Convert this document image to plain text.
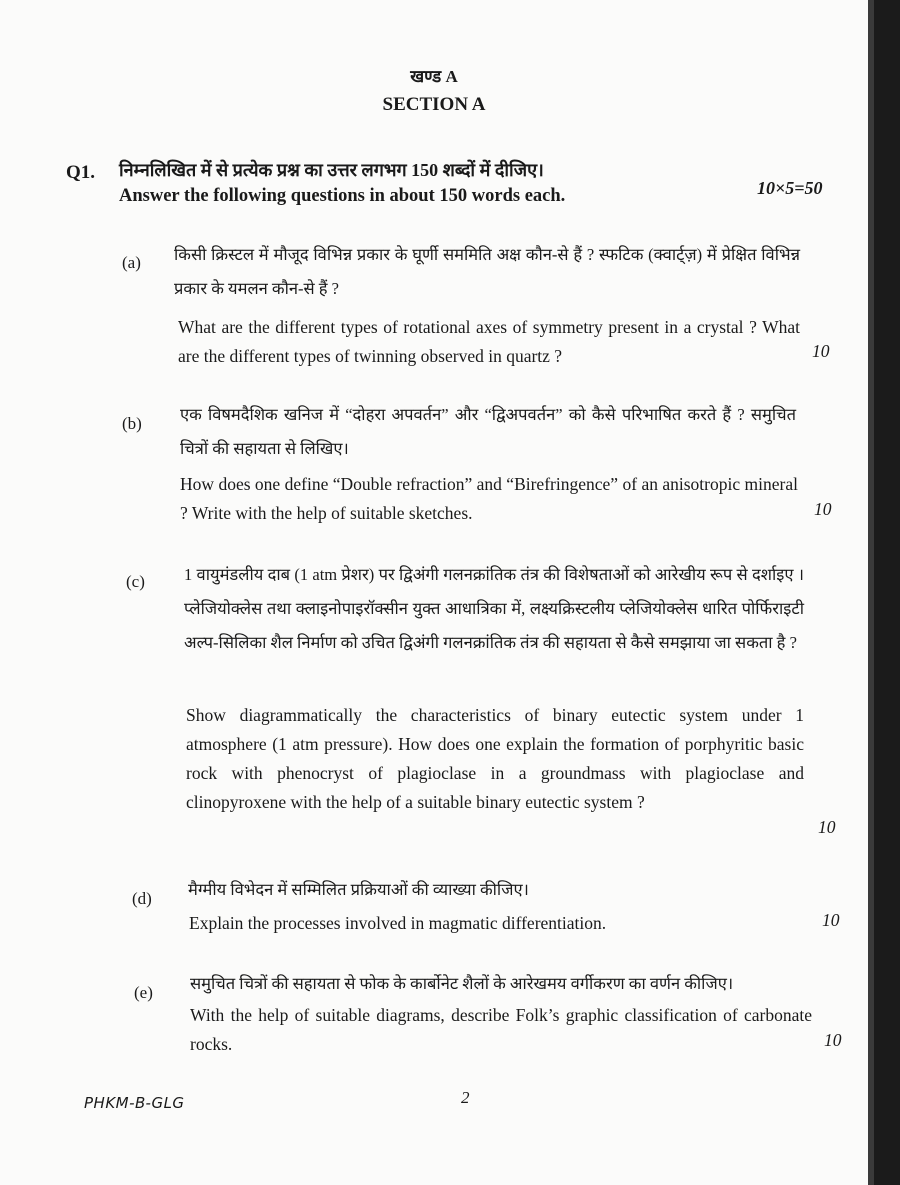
खण्ड A
SECTION A
Q1. निम्नलिखित में से प्रत्येक प्रश्न का उत्तर लगभग 150 शब्दों में दीजिए।
Answer the following questions in about 150 words each.	10×5=50
(a) किसी क्रिस्टल में मौजूद विभिन्न प्रकार के घूर्णी सममिति अक्ष कौन-से हैं ? स्फटिक (क्वार्ट्ज़) में प्रेक्षित विभिन्न प्रकार के यमलन कौन-से हैं ?
What are the different types of rotational axes of symmetry present in a crystal ? What are the different types of twinning observed in quartz ?	10
(b) एक विषमदैशिक खनिज में “दोहरा अपवर्तन” और “द्विअपवर्तन” को कैसे परिभाषित करते हैं ? समुचित चित्रों की सहायता से लिखिए।
How does one define “Double refraction” and “Birefringence” of an anisotropic mineral ? Write with the help of suitable sketches.	10
(c) 1 वायुमंडलीय दाब (1 atm प्रेशर) पर द्विअंगी गलनक्रांतिक तंत्र की विशेषताओं को आरेखीय रूप से दर्शाइए । प्लेजियोक्लेस तथा क्लाइनोपाइरॉक्सीन युक्त आधात्रिका में, लक्ष्यक्रिस्टलीय प्लेजियोक्लेस धारित पोर्फिराइटी अल्प-सिलिका शैल निर्माण को उचित द्विअंगी गलनक्रांतिक तंत्र की सहायता से कैसे समझाया जा सकता है ?
Show diagrammatically the characteristics of binary eutectic system under 1 atmosphere (1 atm pressure). How does one explain the formation of porphyritic basic rock with phenocryst of plagioclase in a groundmass with plagioclase and clinopyroxene with the help of a suitable binary eutectic system ?
10
(d) मैग्मीय विभेदन में सम्मिलित प्रक्रियाओं की व्याख्या कीजिए।
Explain the processes involved in magmatic differentiation.	10
(e) समुचित चित्रों की सहायता से फोक के कार्बोनेट शैलों के आरेखमय वर्गीकरण का वर्णन कीजिए।
With the help of suitable diagrams, describe Folk’s graphic classification of carbonate rocks.	10
PHKM-B-GLG	2
